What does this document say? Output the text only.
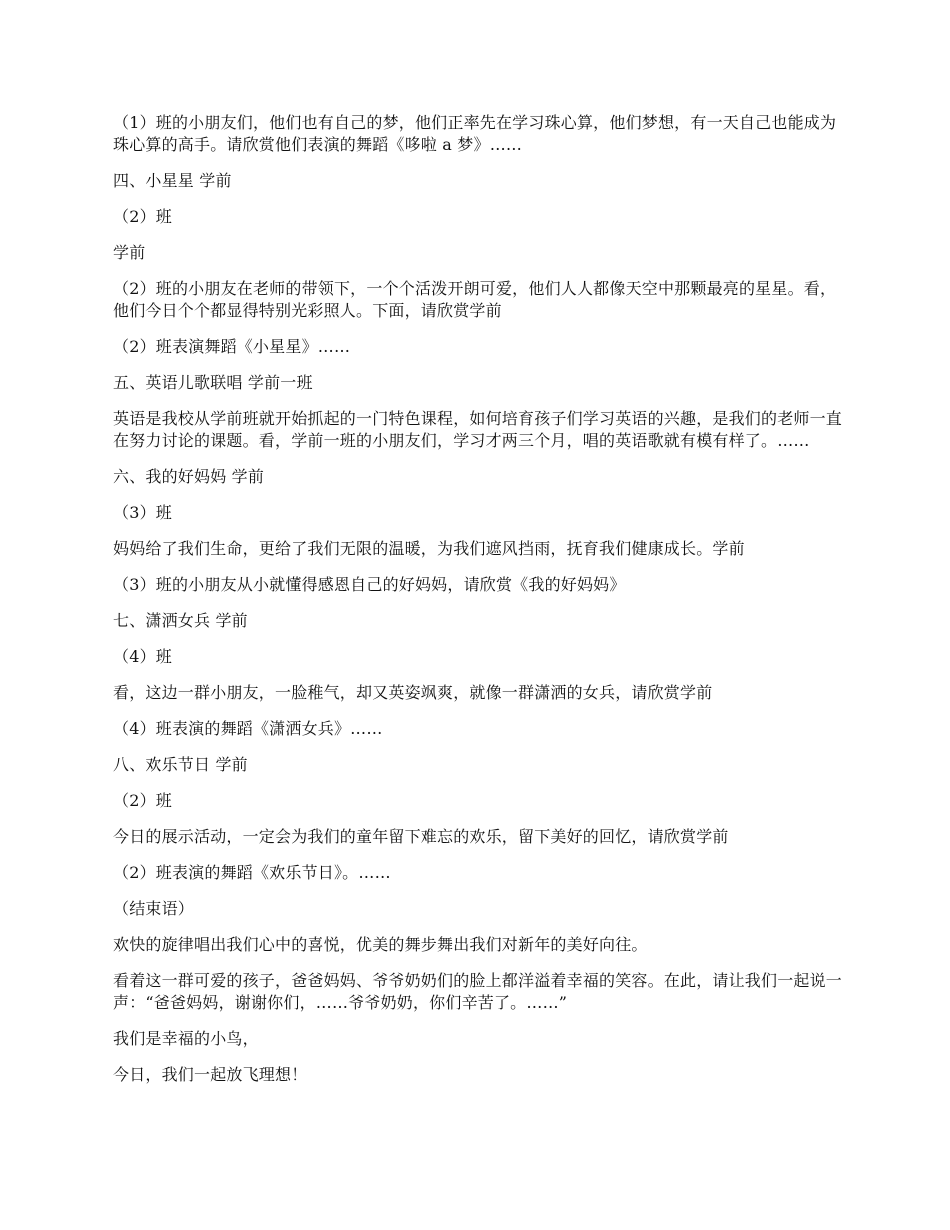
（1）班的小朋友们，他们也有自己的梦，他们正率先在学习珠心算，他们梦想，有一天自己也能成为珠心算的高手。请欣赏他们表演的舞蹈《哆啦 a 梦》……

四、小星星 学前

（2）班

学前

（2）班的小朋友在老师的带领下，一个个活泼开朗可爱，他们人人都像天空中那颗最亮的星星。看，他们今日个个都显得特别光彩照人。下面，请欣赏学前

（2）班表演舞蹈《小星星》……

五、英语儿歌联唱 学前一班

英语是我校从学前班就开始抓起的一门特色课程，如何培育孩子们学习英语的兴趣，是我们的老师一直在努力讨论的课题。看，学前一班的小朋友们，学习才两三个月，唱的英语歌就有模有样了。……

六、我的好妈妈 学前

（3）班

妈妈给了我们生命，更给了我们无限的温暖，为我们遮风挡雨，抚育我们健康成长。学前

（3）班的小朋友从小就懂得感恩自己的好妈妈，请欣赏《我的好妈妈》

七、潇洒女兵 学前

（4）班

看，这边一群小朋友，一脸稚气，却又英姿飒爽，就像一群潇洒的女兵，请欣赏学前

（4）班表演的舞蹈《潇洒女兵》……

八、欢乐节日 学前

（2）班

今日的展示活动，一定会为我们的童年留下难忘的欢乐，留下美好的回忆，请欣赏学前

（2）班表演的舞蹈《欢乐节日》。……

（结束语）

欢快的旋律唱出我们心中的喜悦，优美的舞步舞出我们对新年的美好向往。

看着这一群可爱的孩子，爸爸妈妈、爷爷奶奶们的脸上都洋溢着幸福的笑容。在此，请让我们一起说一声：“爸爸妈妈，谢谢你们，……爷爷奶奶，你们辛苦了。……”

我们是幸福的小鸟，

今日，我们一起放飞理想！
